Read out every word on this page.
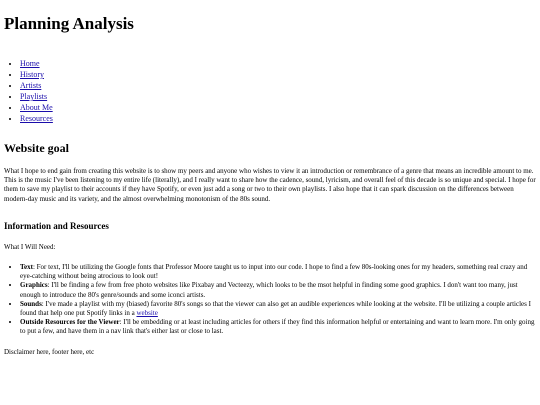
Planning Analysis
• Home
• History
• Artists
• Playlists
• About Me
• Resources
Website goal

What I hope to end gain from creating this website is to show my peers and anyone who wishes to view it an introduction or remembrance of a genre that means an incredible amount to me. This is the music I've been listening to my entire life (literally), and I really want to share how the cadence, sound, lyricism, and overall feel of this decade is so unique and special. I hope for them to save my playlist to their accounts if they have Spotify, or even just add a song or two to their own playlists. I also hope that it can spark discussion on the differences between modern-day music and its variety, and the almost overwhelming monotonism of the 80s sound.

Information and Resources

What I Will Need:

• Text: For text, I'll be utilizing the Google fonts that Professor Moore taught us to input into our code. I hope to find a few 80s-looking ones for my headers, something real crazy and eye-catching without being atrocious to look out!
• Graphics: I'll be finding a few from free photo websites like Pixabay and Vecteezy, which looks to be the msot helpful in finding some good graphics. I don't want too many, just enough to introduce the 80's genre/sounds and some iconci artists.
• Sounds: I've made a playlist with my (biased) favorite 80's songs so that the viewer can also get an audible experiences while looking at the website. I'll be utilizing a couple articles I found that help one put Spotify links in a website
• Outside Resources for the Viewer: I'll be embedding or at least including articles for others if they find this information helpful or entertaining and want to learn more. I'm only going to put a few, and have them in a nav link that's either last or close to last.

Disclaimer here, footer here, etc
